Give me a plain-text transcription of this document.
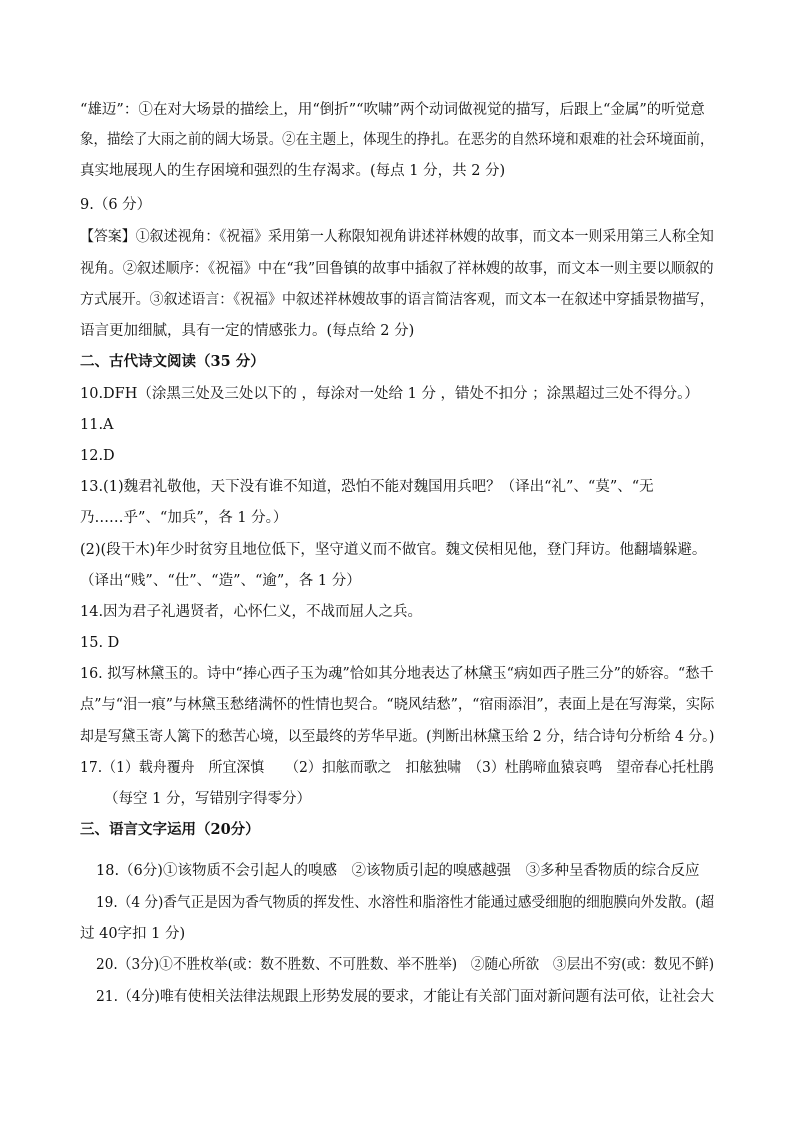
“雄迈”：①在对大场景的描绘上，用“倒折”“吹啸”两个动词做视觉的描写，后跟上“金属”的听觉意
象，描绘了大雨之前的阔大场景。②在主题上，体现生的挣扎。在恶劣的自然环境和艰难的社会环境面前，
真实地展现人的生存困境和强烈的生存渴求。(每点 1 分，共 2 分)
9.（6 分）
【答案】①叙述视角：《祝福》采用第一人称限知视角讲述祥林嫂的故事，而文本一则采用第三人称全知
视角。②叙述顺序：《祝福》中在“我”回鲁镇的故事中插叙了祥林嫂的故事，而文本一则主要以顺叙的
方式展开。③叙述语言：《祝福》中叙述祥林嫂故事的语言简洁客观，而文本一在叙述中穿插景物描写，
语言更加细腻，具有一定的情感张力。(每点给 2 分)
二、古代诗文阅读（35 分）
10.DFH（涂黑三处及三处以下的 ，每涂对一处给 1 分 ，错处不扣分 ；涂黑超过三处不得分。）
11.A
12.D
13.(1)魏君礼敬他，天下没有谁不知道，恐怕不能对魏国用兵吧？（译出“礼”、“莫”、“无
乃……乎”、“加兵”，各 1 分。）
(2)(段干木)年少时贫穷且地位低下，坚守道义而不做官。魏文侯相见他，登门拜访。他翻墙躲避。
（译出“贱”、“仕”、“造”、“逾”，各 1 分）
14.因为君子礼遇贤者，心怀仁义，不战而屈人之兵。
15. D
16. 拟写林黛玉的。诗中“捧心西子玉为魂”恰如其分地表达了林黛玉“病如西子胜三分”的娇容。“愁千
点”与“泪一痕”与林黛玉愁绪满怀的性情也契合。“晓风结愁”，“宿雨添泪”，表面上是在写海棠，实际
却是写黛玉寄人篱下的愁苦心境，以至最终的芳华早逝。(判断出林黛玉给 2 分，结合诗句分析给 4 分。)
17.（1）载舟覆舟　所宜深慎　　（2）扣舷而歌之　扣舷独啸　（3）杜鹃啼血猿哀鸣　望帝春心托杜鹃
（每空 1 分，写错别字得零分）
三、语言文字运用（20分）
18.（6分)①该物质不会引起人的嗅感　②该物质引起的嗅感越强　③多种呈香物质的综合反应
19.（4 分)香气正是因为香气物质的挥发性、水溶性和脂溶性才能通过感受细胞的细胞膜向外发散。(超
过 40字扣 1 分)
20.（3分)①不胜枚举(或：数不胜数、不可胜数、举不胜举)　②随心所欲　③层出不穷(或：数见不鲜)
21.（4分)唯有使相关法律法规跟上形势发展的要求，才能让有关部门面对新问题有法可依，让社会大
